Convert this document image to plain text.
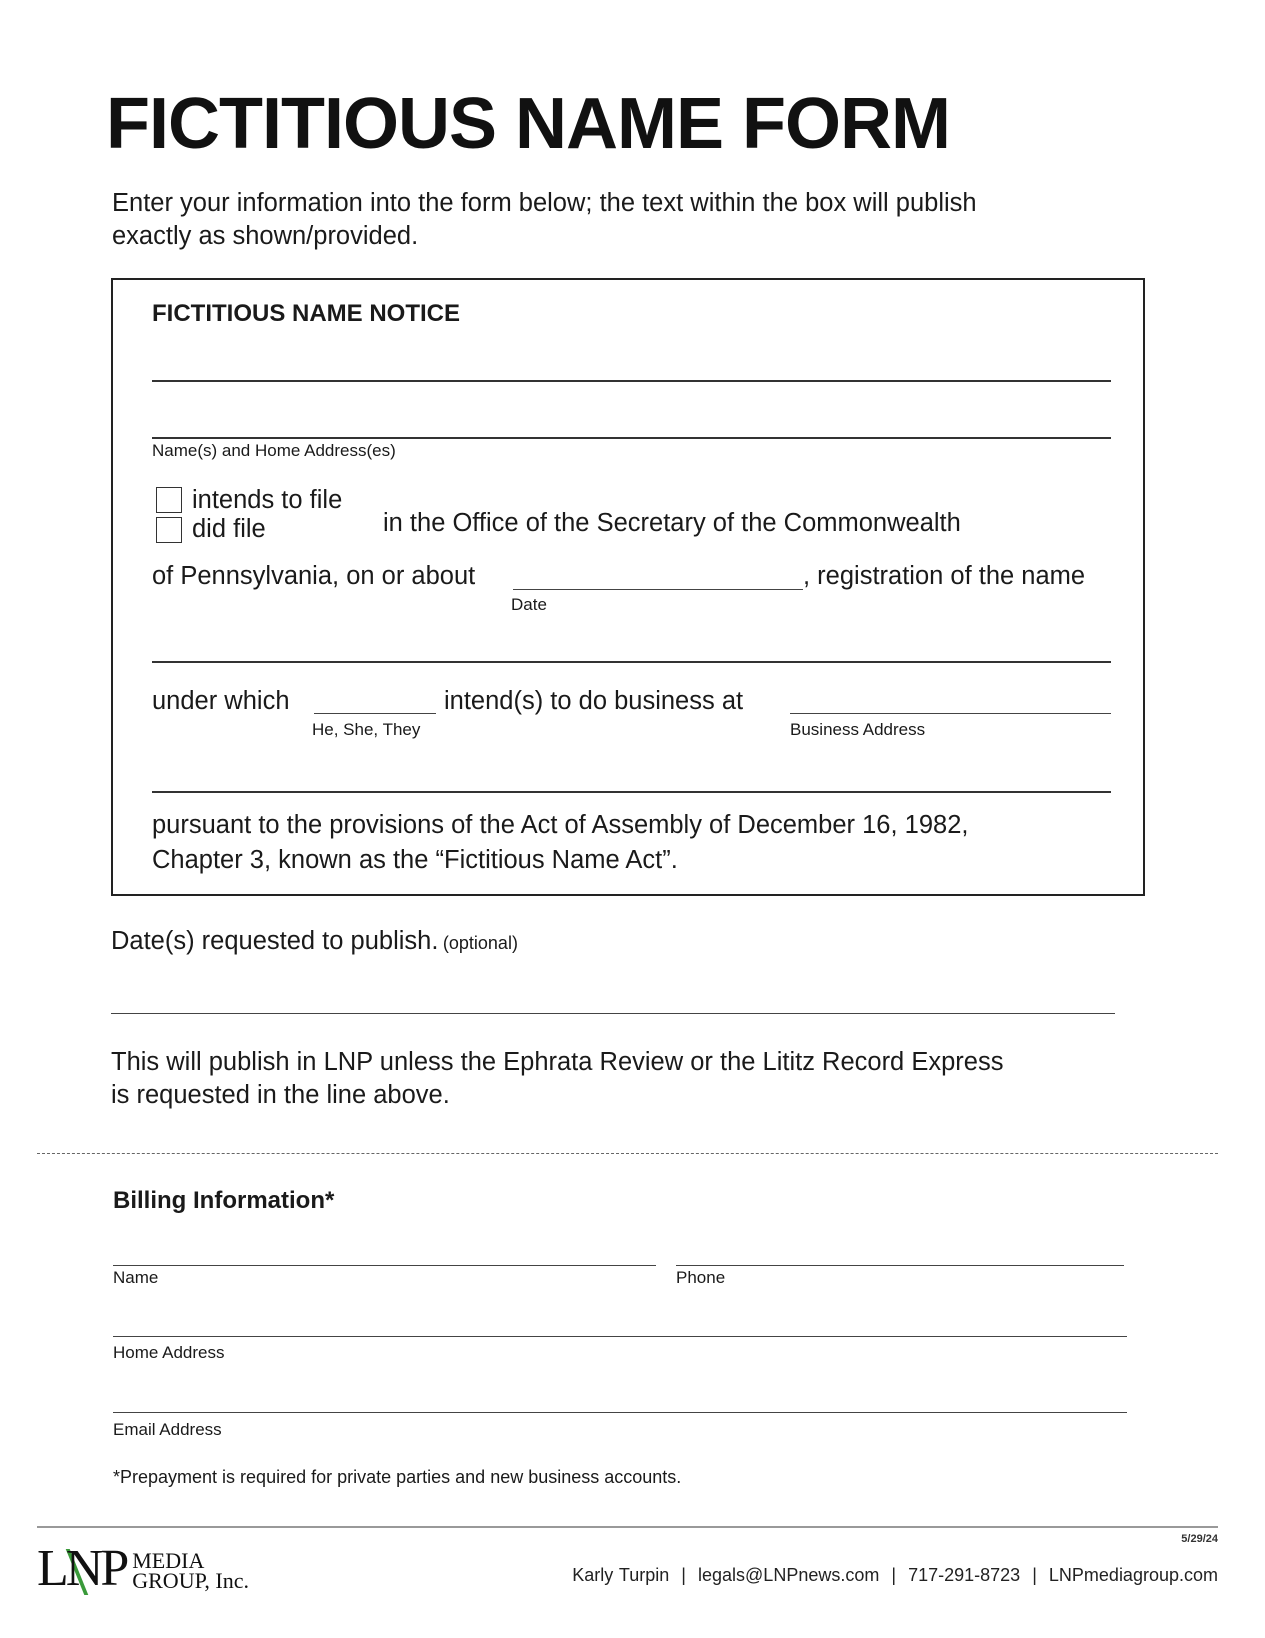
FICTITIOUS NAME FORM
Enter your information into the form below; the text within the box will publish
exactly as shown/provided.
FICTITIOUS NAME NOTICE
Name(s) and Home Address(es)
intends to file
did file	in the Office of the Secretary of the Commonwealth
of Pennsylvania, on or about	, registration of the name
Date
under which	intend(s) to do business at
He, She, They	Business Address
pursuant to the provisions of the Act of Assembly of December 16, 1982,
Chapter 3, known as the “Fictitious Name Act”.
Date(s) requested to publish. (optional)
This will publish in LNP unless the Ephrata Review or the Lititz Record Express
is requested in the line above.
Billing Information*
Name	Phone
Home Address
Email Address
*Prepayment is required for private parties and new business accounts.
5/29/24
LNP MEDIA
GROUP, Inc.	Karly Turpin | legals@LNPnews.com | 717-291-8723 | LNPmediagroup.com
